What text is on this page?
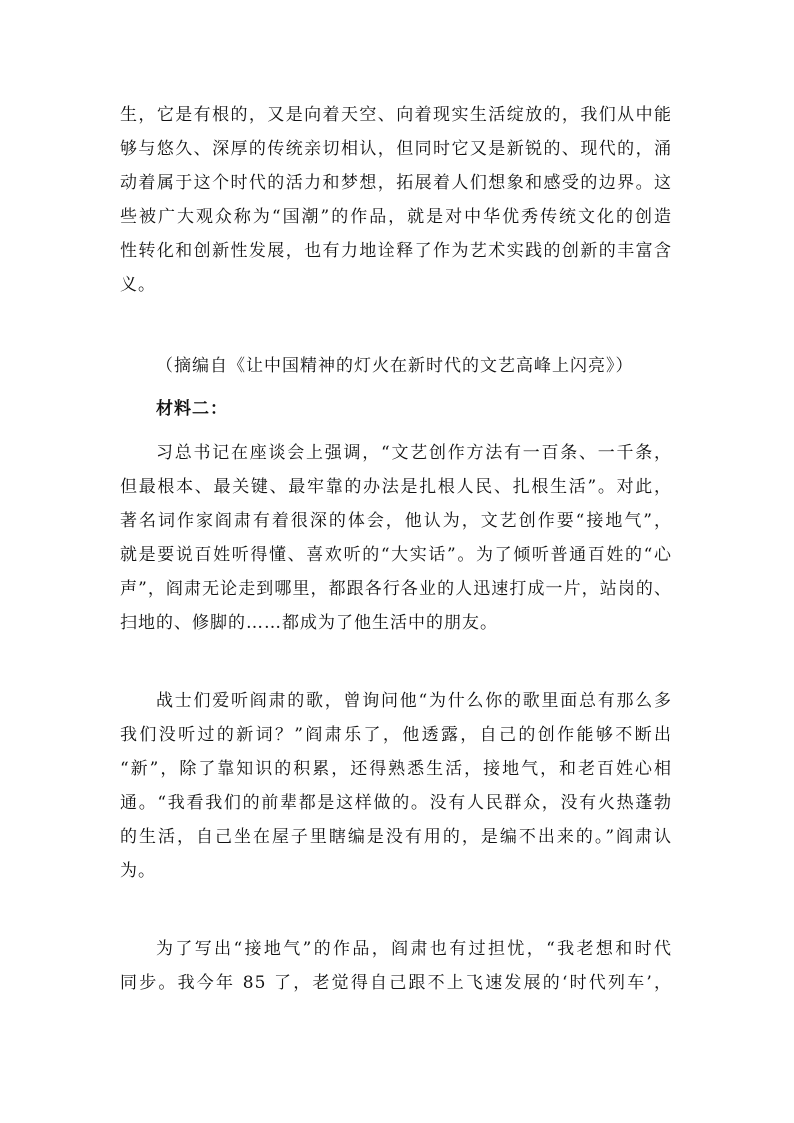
生，它是有根的，又是向着天空、向着现实生活绽放的，我们从中能
够与悠久、深厚的传统亲切相认，但同时它又是新锐的、现代的，涌
动着属于这个时代的活力和梦想，拓展着人们想象和感受的边界。这
些被广大观众称为“国潮”的作品，就是对中华优秀传统文化的创造
性转化和创新性发展，也有力地诠释了作为艺术实践的创新的丰富含
义。
（摘编自《让中国精神的灯火在新时代的文艺高峰上闪亮》）
材料二：
习总书记在座谈会上强调，“文艺创作方法有一百条、一千条，
但最根本、最关键、最牢靠的办法是扎根人民、扎根生活”。对此，
著名词作家阎肃有着很深的体会，他认为，文艺创作要“接地气”，
就是要说百姓听得懂、喜欢听的“大实话”。为了倾听普通百姓的“心
声”，阎肃无论走到哪里，都跟各行各业的人迅速打成一片，站岗的、
扫地的、修脚的……都成为了他生活中的朋友。
战士们爱听阎肃的歌，曾询问他“为什么你的歌里面总有那么多
我们没听过的新词？”阎肃乐了，他透露，自己的创作能够不断出
“新”，除了靠知识的积累，还得熟悉生活，接地气，和老百姓心相
通。“我看我们的前辈都是这样做的。没有人民群众，没有火热蓬勃
的生活，自己坐在屋子里瞎编是没有用的，是编不出来的。”阎肃认
为。
为了写出“接地气”的作品，阎肃也有过担忧，“我老想和时代
同步。我今年 85 了，老觉得自己跟不上飞速发展的‘时代列车’，
